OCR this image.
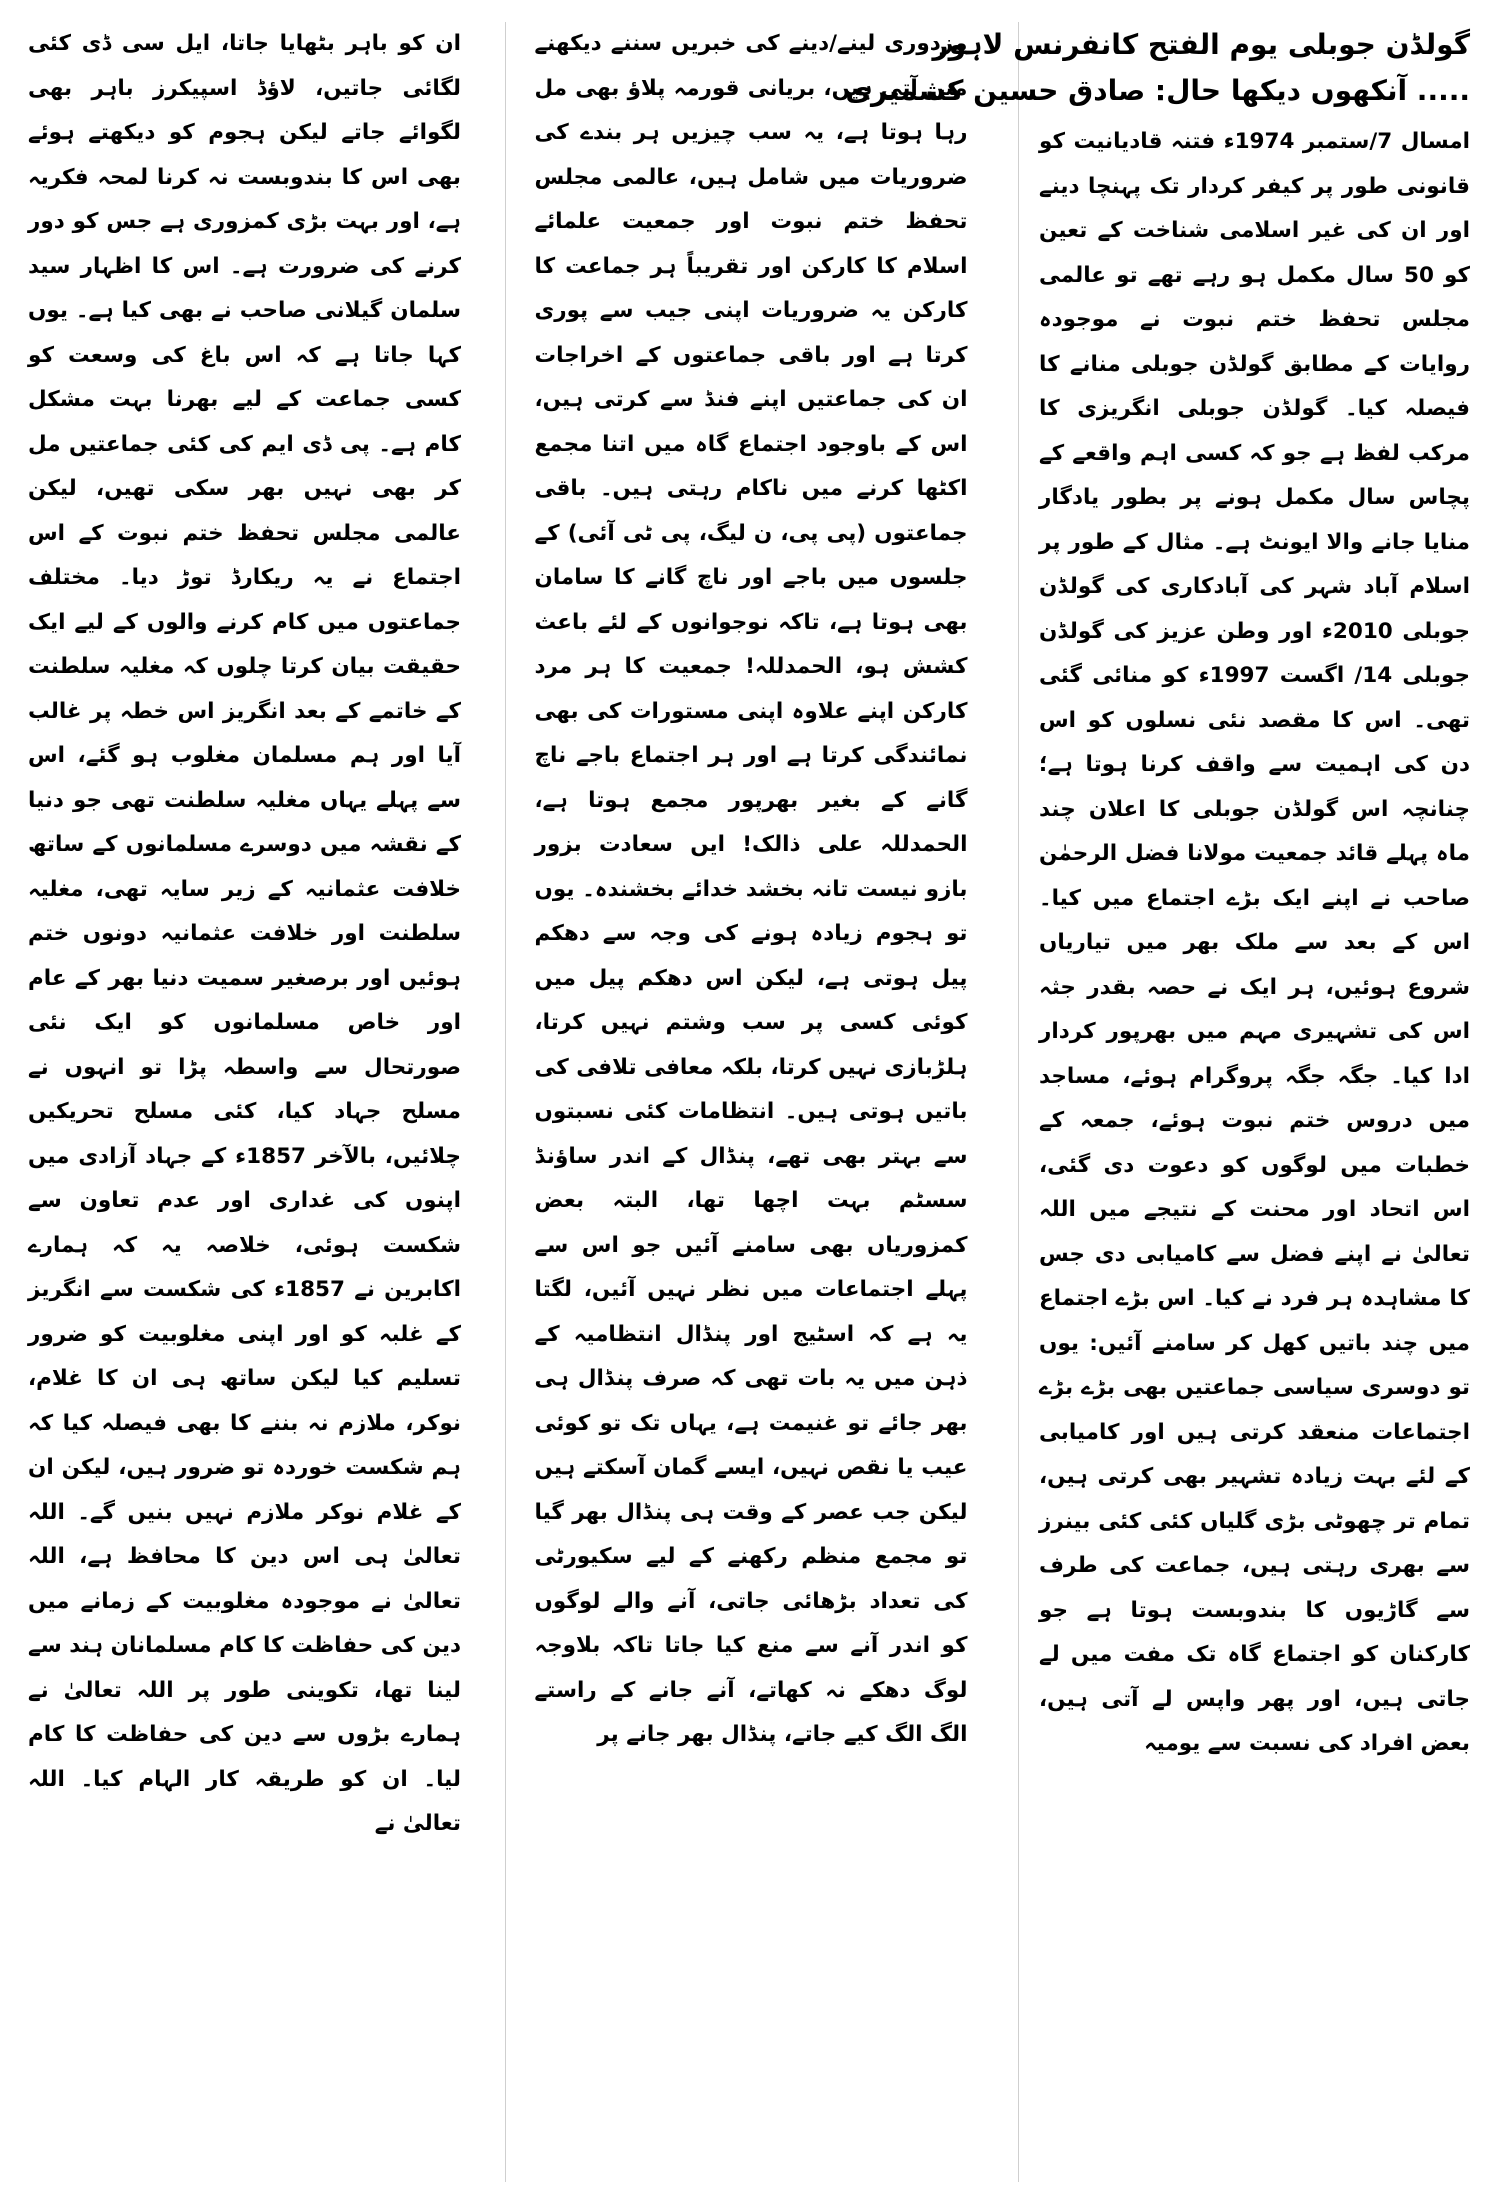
گولڈن جوبلی یوم الفتح کانفرنس لاہور
..... آنکھوں دیکھا حال: صادق حسین کشمیری

امسال 7/ستمبر 1974ء فتنہ قادیانیت کو قانونی طور پر کیفر کردار تک پہنچا دینے اور ان کی غیر اسلامی شناخت کے تعین کو 50 سال مکمل ہو رہے تھے تو عالمی مجلس تحفظ ختم نبوت نے موجودہ روایات کے مطابق گولڈن جوبلی منانے کا فیصلہ کیا۔ گولڈن جوبلی انگریزی کا مرکب لفظ ہے جو کہ کسی اہم واقعے کے پچاس سال مکمل ہونے پر بطور یادگار منایا جانے والا ایونٹ ہے۔ مثال کے طور پر اسلام آباد شہر کی آبادکاری کی گولڈن جوبلی 2010ء اور وطن عزیز کی گولڈن جوبلی 14/ اگست 1997ء کو منائی گئی تھی۔ اس کا مقصد نئی نسلوں کو اس دن کی اہمیت سے واقف کرنا ہوتا ہے؛ چنانچہ اس گولڈن جوبلی کا اعلان چند ماہ پہلے قائد جمعیت مولانا فضل الرحمٰن صاحب نے اپنے ایک بڑے اجتماع میں کیا۔ اس کے بعد سے ملک بھر میں تیاریاں شروع ہوئیں، ہر ایک نے حصہ بقدر جثہ اس کی تشہیری مہم میں بھرپور کردار ادا کیا۔ جگہ جگہ پروگرام ہوئے، مساجد میں دروس ختم نبوت ہوئے، جمعہ کے خطبات میں لوگوں کو دعوت دی گئی، اس اتحاد اور محنت کے نتیجے میں اللہ تعالیٰ نے اپنے فضل سے کامیابی دی جس کا مشاہدہ ہر فرد نے کیا۔ اس بڑے اجتماع میں چند باتیں کھل کر سامنے آئیں: یوں تو دوسری سیاسی جماعتیں بھی بڑے بڑے اجتماعات منعقد کرتی ہیں اور کامیابی کے لئے بہت زیادہ تشہیر بھی کرتی ہیں، تمام تر چھوٹی بڑی گلیاں کئی کئی بینرز سے بھری رہتی ہیں، جماعت کی طرف سے گاڑیوں کا بندوبست ہوتا ہے جو کارکنان کو اجتماع گاہ تک مفت میں لے جاتی ہیں، اور پھر واپس لے آتی ہیں، بعض افراد کی نسبت سے یومیہ

مزدوری لینے/دینے کی خبریں سننے دیکھنے میں آتی ہیں، بریانی قورمہ پلاؤ بھی مل رہا ہوتا ہے، یہ سب چیزیں ہر بندے کی ضروریات میں شامل ہیں، عالمی مجلس تحفظ ختم نبوت اور جمعیت علمائے اسلام کا کارکن اور تقریباً ہر جماعت کا کارکن یہ ضروریات اپنی جیب سے پوری کرتا ہے اور باقی جماعتوں کے اخراجات ان کی جماعتیں اپنے فنڈ سے کرتی ہیں، اس کے باوجود اجتماع گاہ میں اتنا مجمع اکٹھا کرنے میں ناکام رہتی ہیں۔ باقی جماعتوں (پی پی، ن لیگ، پی ٹی آئی) کے جلسوں میں باجے اور ناچ گانے کا سامان بھی ہوتا ہے، تاکہ نوجوانوں کے لئے باعث کشش ہو، الحمدللہ! جمعیت کا ہر مرد کارکن اپنے علاوہ اپنی مستورات کی بھی نمائندگی کرتا ہے اور ہر اجتماع باجے ناچ گانے کے بغیر بھرپور مجمع ہوتا ہے، الحمدللہ علی ذالک! ایں سعادت بزور بازو نیست تانہ بخشد خدائے بخشندہ۔ یوں تو ہجوم زیادہ ہونے کی وجہ سے دھکم پیل ہوتی ہے، لیکن اس دھکم پیل میں کوئی کسی پر سب وشتم نہیں کرتا، ہلڑبازی نہیں کرتا، بلکہ معافی تلافی کی باتیں ہوتی ہیں۔ انتظامات کئی نسبتوں سے بہتر بھی تھے، پنڈال کے اندر ساؤنڈ سسٹم بہت اچھا تھا، البتہ بعض کمزوریاں بھی سامنے آئیں جو اس سے پہلے اجتماعات میں نظر نہیں آئیں، لگتا یہ ہے کہ اسٹیج اور پنڈال انتظامیہ کے ذہن میں یہ بات تھی کہ صرف پنڈال ہی بھر جائے تو غنیمت ہے، یہاں تک تو کوئی عیب یا نقص نہیں، ایسے گمان آسکتے ہیں لیکن جب عصر کے وقت ہی پنڈال بھر گیا تو مجمع منظم رکھنے کے لیے سکیورٹی کی تعداد بڑھائی جاتی، آنے والے لوگوں کو اندر آنے سے منع کیا جاتا تاکہ بلاوجہ لوگ دھکے نہ کھاتے، آنے جانے کے راستے الگ الگ کیے جاتے، پنڈال بھر جانے پر

ان کو باہر بٹھایا جاتا، ایل سی ڈی کئی لگائی جاتیں، لاؤڈ اسپیکرز باہر بھی لگوائے جاتے لیکن ہجوم کو دیکھتے ہوئے بھی اس کا بندوبست نہ کرنا لمحہ فکریہ ہے، اور بہت بڑی کمزوری ہے جس کو دور کرنے کی ضرورت ہے۔ اس کا اظہار سید سلمان گیلانی صاحب نے بھی کیا ہے۔ یوں کہا جاتا ہے کہ اس باغ کی وسعت کو کسی جماعت کے لیے بھرنا بہت مشکل کام ہے۔ پی ڈی ایم کی کئی جماعتیں مل کر بھی نہیں بھر سکی تھیں، لیکن عالمی مجلس تحفظ ختم نبوت کے اس اجتماع نے یہ ریکارڈ توڑ دیا۔ مختلف جماعتوں میں کام کرنے والوں کے لیے ایک حقیقت بیان کرتا چلوں کہ مغلیہ سلطنت کے خاتمے کے بعد انگریز اس خطہ پر غالب آیا اور ہم مسلمان مغلوب ہو گئے، اس سے پہلے یہاں مغلیہ سلطنت تھی جو دنیا کے نقشہ میں دوسرے مسلمانوں کے ساتھ خلافت عثمانیہ کے زیر سایہ تھی، مغلیہ سلطنت اور خلافت عثمانیہ دونوں ختم ہوئیں اور برصغیر سمیت دنیا بھر کے عام اور خاص مسلمانوں کو ایک نئی صورتحال سے واسطہ پڑا تو انہوں نے مسلح جہاد کیا، کئی مسلح تحریکیں چلائیں، بالآخر 1857ء کے جہاد آزادی میں اپنوں کی غداری اور عدم تعاون سے شکست ہوئی، خلاصہ یہ کہ ہمارے اکابرین نے 1857ء کی شکست سے انگریز کے غلبہ کو اور اپنی مغلوبیت کو ضرور تسلیم کیا لیکن ساتھ ہی ان کا غلام، نوکر، ملازم نہ بننے کا بھی فیصلہ کیا کہ ہم شکست خوردہ تو ضرور ہیں، لیکن ان کے غلام نوکر ملازم نہیں بنیں گے۔ اللہ تعالیٰ ہی اس دین کا محافظ ہے، اللہ تعالیٰ نے موجودہ مغلوبیت کے زمانے میں دین کی حفاظت کا کام مسلمانان ہند سے لینا تھا، تکوینی طور پر اللہ تعالیٰ نے ہمارے بڑوں سے دین کی حفاظت کا کام لیا۔ ان کو طریقہ کار الہام کیا۔ اللہ تعالیٰ نے
